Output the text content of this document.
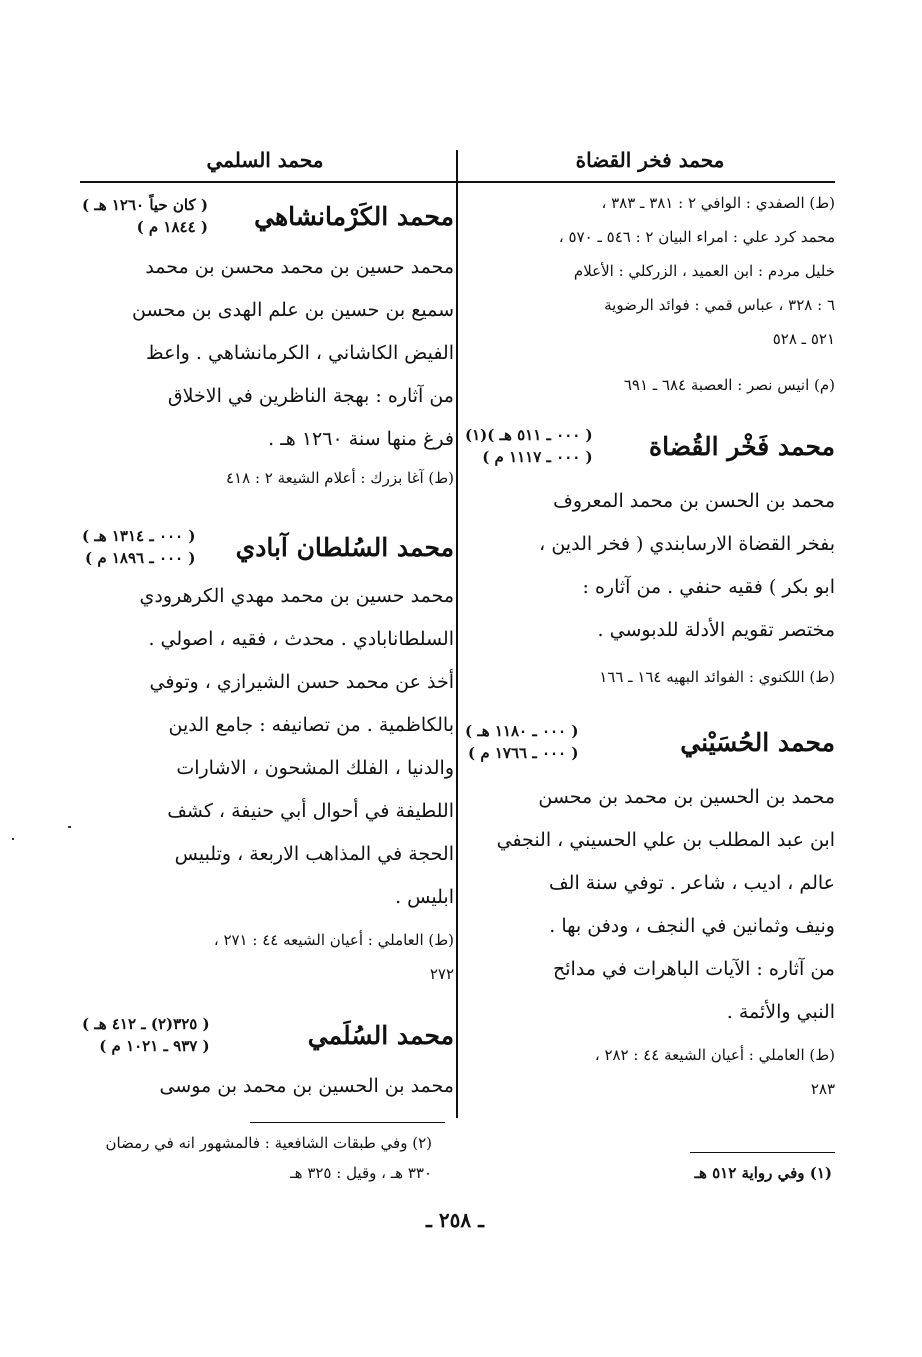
محمد فخر القضاة
محمد السلمي

(ط) الصفدي : الوافي ٢ : ٣٨١ ـ ٣٨٣ ،

محمد كرد علي : امراء البيان ٢ : ٥٤٦ ـ ٥٧٠ ،

خليل مردم : ابن العميد ، الزركلي : الأعلام

٦ : ٣٢٨ ، عباس قمي : فوائد الرضوية

٥٢١ ـ ٥٢٨

(م) انيس نصر : العصبة ٦٨٤ ـ ٦٩١

محمد فَخْر القُضاة
( ٠٠٠ ـ ٥١١ هـ )(١)
( ٠٠٠ ـ ١١١٧ م )

محمد بن الحسن بن محمد المعروف

بفخر القضاة الارسابندي ( فخر الدين ،

ابو بكر ) فقيه حنفي . من آثاره :

مختصر تقويم الأدلة للدبوسي .

(ط) اللكنوي : الفوائد البهيه ١٦٤ ـ ١٦٦

محمد الحُسَيْني
( ٠٠٠ ـ ١١٨٠ هـ )
( ٠٠٠ ـ ١٧٦٦ م )

محمد بن الحسين بن محمد بن محسن

ابن عبد المطلب بن علي الحسيني ، النجفي

عالم ، اديب ، شاعر . توفي سنة الف

ونيف وثمانين في النجف ، ودفن بها .

من آثاره : الآيات الباهرات في مدائح

النبي والأئمة .

(ط) العاملي : أعيان الشيعة ٤٤ : ٢٨٢ ،

٢٨٣

محمد الكَرْمانشاهي
( كان حياً ١٢٦٠ هـ )
( ١٨٤٤ م )

محمد حسين بن محمد محسن بن محمد

سميع بن حسين بن علم الهدى بن محسن

الفيض الكاشاني ، الكرمانشاهي . واعظ

من آثاره : بهجة الناظرين في الاخلاق

فرغ منها سنة ١٢٦٠ هـ .

(ط) آغا بزرك : أعلام الشيعة ٢ : ٤١٨

محمد السُلطان آبادي
( ٠٠٠ ـ ١٣١٤ هـ )
( ٠٠٠ ـ ١٨٩٦ م )

محمد حسين بن محمد مهدي الكرهرودي

السلطانابادي . محدث ، فقيه ، اصولي .

أخذ عن محمد حسن الشيرازي ، وتوفي

بالكاظمية . من تصانيفه : جامع الدين

والدنيا ، الفلك المشحون ، الاشارات

اللطيفة في أحوال أبي حنيفة ، كشف

الحجة في المذاهب الاربعة ، وتلبيس

ابليس .

(ط) العاملي : أعيان الشيعه ٤٤ : ٢٧١ ،

٢٧٢

محمد السُلَمي
( ٣٢٥(٢) ـ ٤١٢ هـ )
( ٩٣٧ ـ ١٠٢١ م )

محمد بن الحسين بن محمد بن موسى

(٢) وفي طبقات الشافعية : فالمشهور انه في رمضان
٣٣٠ هـ ، وقيل : ٣٢٥ هـ	(١) وفي رواية ٥١٢ هـ
ـ ٢٥٨ ـ
